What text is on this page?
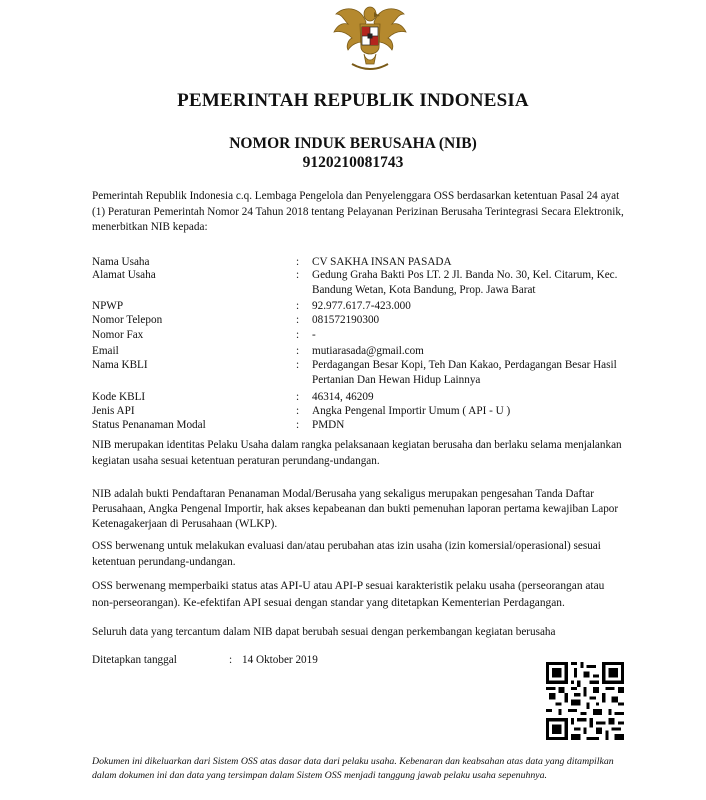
PEMERINTAH REPUBLIK INDONESIA
NOMOR INDUK BERUSAHA (NIB)
9120210081743
Pemerintah Republik Indonesia c.q. Lembaga Pengelola dan Penyelenggara OSS berdasarkan ketentuan Pasal 24 ayat (1) Peraturan Pemerintah Nomor 24 Tahun 2018 tentang Pelayanan Perizinan Berusaha Terintegrasi Secara Elektronik, menerbitkan NIB kepada:
Nama Usaha	: CV SAKHA INSAN PASADA
Alamat Usaha	: Gedung Graha Bakti Pos LT. 2 Jl. Banda No. 30, Kel. Citarum, Kec. Bandung Wetan, Kota Bandung, Prop. Jawa Barat
NPWP	: 92.977.617.7-423.000
Nomor Telepon	: 081572190300
Nomor Fax	: -
Email	: mutiarasada@gmail.com
Nama KBLI	: Perdagangan Besar Kopi, Teh Dan Kakao, Perdagangan Besar Hasil Pertanian Dan Hewan Hidup Lainnya
Kode KBLI	: 46314, 46209
Jenis API	: Angka Pengenal Importir Umum ( API - U )
Status Penanaman Modal	: PMDN
NIB merupakan identitas Pelaku Usaha dalam rangka pelaksanaan kegiatan berusaha dan berlaku selama menjalankan kegiatan usaha sesuai ketentuan peraturan perundang-undangan.
NIB adalah bukti Pendaftaran Penanaman Modal/Berusaha yang sekaligus merupakan pengesahan Tanda Daftar Perusahaan, Angka Pengenal Importir, hak akses kepabeanan dan bukti pemenuhan laporan pertama kewajiban Lapor Ketenagakerjaan di Perusahaan (WLKP).
OSS berwenang untuk melakukan evaluasi dan/atau perubahan atas izin usaha (izin komersial/operasional) sesuai ketentuan perundang-undangan.
OSS berwenang memperbaiki status atas API-U atau API-P sesuai karakteristik pelaku usaha (perseorangan atau non-perseorangan). Ke-efektifan API sesuai dengan standar yang ditetapkan Kementerian Perdagangan.
Seluruh data yang tercantum dalam NIB dapat berubah sesuai dengan perkembangan kegiatan berusaha
Ditetapkan tanggal	: 14 Oktober 2019
Dokumen ini dikeluarkan dari Sistem OSS atas dasar data dari pelaku usaha. Kebenaran dan keabsahan atas data yang ditampilkan dalam dokumen ini dan data yang tersimpan dalam Sistem OSS menjadi tanggung jawab pelaku usaha sepenuhnya.
